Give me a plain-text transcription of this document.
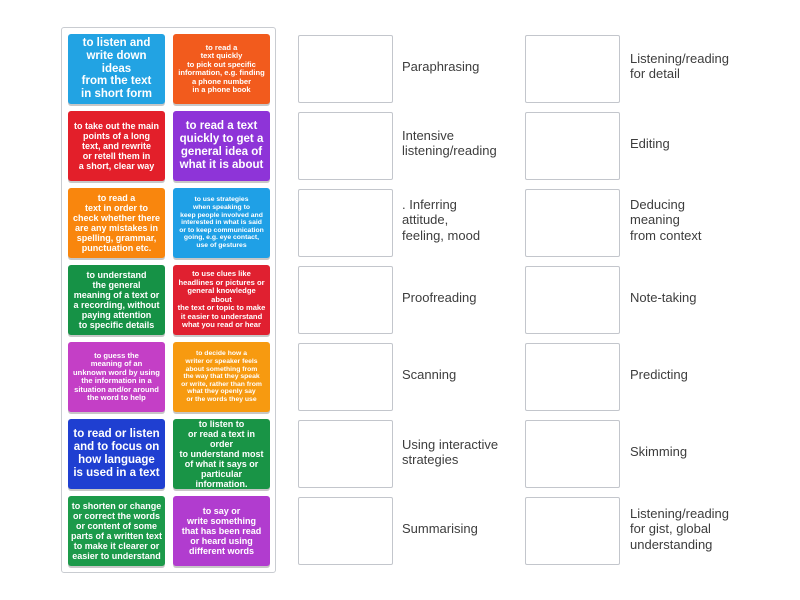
to listen and
write down ideas
from the text
in short form
to read a
text quickly
to pick out specific
information, e.g. finding
a phone number
in a phone book
to take out the main
points of a long
text, and rewrite
or retell them in
a short, clear way
to read a text
quickly to get a
general idea of
what it is about
to read a
text in order to
check whether there
are any mistakes in
spelling, grammar,
punctuation etc.
to use strategies
when speaking to
keep people involved and
interested in what is said
or to keep communication
going, e.g. eye contact,
use of gestures
to understand
the general
meaning of a text or
a recording, without
paying attention
to specific details
to use clues like
headlines or pictures or
general knowledge about
the text or topic to make
it easier to understand
what you read or hear
to guess the
meaning of an
unknown word by using
the information in a
situation and/or around
the word to help
to decide how a
writer or speaker feels
about something from
the way that they speak
or write, rather than from
what they openly say
or the words they use
to read or listen
and to focus on
how language
is used in a text
to listen to
or read a text in order
to understand most
of what it says or
particular information.
to shorten or change
or correct the words
or content of some
parts of a written text
to make it clearer or
easier to understand
to say or
write something
that has been read
or heard using
different words
Paraphrasing
Intensive
listening/reading
. Inferring
attitude,
feeling, mood
Proofreading
Scanning
Using interactive
strategies
Summarising
Listening/reading
for detail
Editing
Deducing
meaning
from context
Note-taking
Predicting
Skimming
Listening/reading
for gist, global
understanding
